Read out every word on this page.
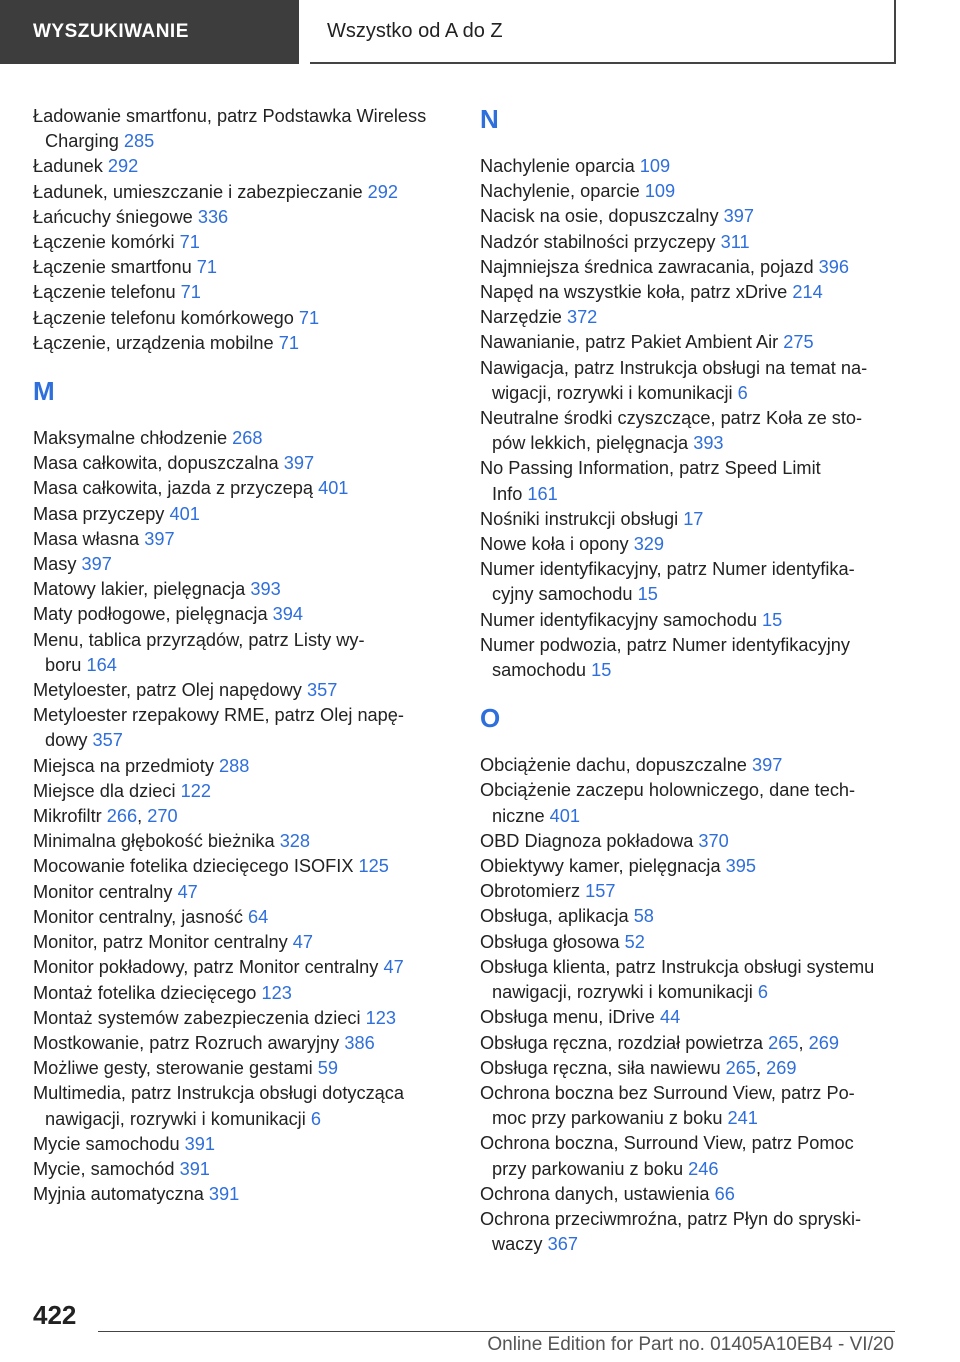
WYSZUKIWANIE	Wszystko od A do Z
Ładowanie smartfonu, patrz Podstawka Wireless Charging 285
Ładunek 292
Ładunek, umieszczanie i zabezpieczanie 292
Łańcuchy śniegowe 336
Łączenie komórki 71
Łączenie smartfonu 71
Łączenie telefonu 71
Łączenie telefonu komórkowego 71
Łączenie, urządzenia mobilne 71
M
Maksymalne chłodzenie 268
Masa całkowita, dopuszczalna 397
Masa całkowita, jazda z przyczepą 401
Masa przyczepy 401
Masa własna 397
Masy 397
Matowy lakier, pielęgnacja 393
Maty podłogowe, pielęgnacja 394
Menu, tablica przyrządów, patrz Listy wy-
boru 164
Metyloester, patrz Olej napędowy 357
Metyloester rzepakowy RME, patrz Olej napę-
dowy 357
Miejsca na przedmioty 288
Miejsce dla dzieci 122
Mikrofiltr 266, 270
Minimalna głębokość bieżnika 328
Mocowanie fotelika dziecięcego ISOFIX 125
Monitor centralny 47
Monitor centralny, jasność 64
Monitor, patrz Monitor centralny 47
Monitor pokładowy, patrz Monitor centralny 47
Montaż fotelika dziecięcego 123
Montaż systemów zabezpieczenia dzieci 123
Mostkowanie, patrz Rozruch awaryjny 386
Możliwe gesty, sterowanie gestami 59
Multimedia, patrz Instrukcja obsługi dotycząca
nawigacji, rozrywki i komunikacji 6
Mycie samochodu 391
Mycie, samochód 391
Myjnia automatyczna 391
N
Nachylenie oparcia 109
Nachylenie, oparcie 109
Nacisk na osie, dopuszczalny 397
Nadzór stabilności przyczepy 311
Najmniejsza średnica zawracania, pojazd 396
Napęd na wszystkie koła, patrz xDrive 214
Narzędzie 372
Nawanianie, patrz Pakiet Ambient Air 275
Nawigacja, patrz Instrukcja obsługi na temat na-
wigacji, rozrywki i komunikacji 6
Neutralne środki czyszczące, patrz Koła ze sto-
pów lekkich, pielęgnacja 393
No Passing Information, patrz Speed Limit
Info 161
Nośniki instrukcji obsługi 17
Nowe koła i opony 329
Numer identyfikacyjny, patrz Numer identyfika-
cyjny samochodu 15
Numer identyfikacyjny samochodu 15
Numer podwozia, patrz Numer identyfikacyjny
samochodu 15
O
Obciążenie dachu, dopuszczalne 397
Obciążenie zaczepu holowniczego, dane tech-
niczne 401
OBD Diagnoza pokładowa 370
Obiektywy kamer, pielęgnacja 395
Obrotomierz 157
Obsługa, aplikacja 58
Obsługa głosowa 52
Obsługa klienta, patrz Instrukcja obsługi systemu
nawigacji, rozrywki i komunikacji 6
Obsługa menu, iDrive 44
Obsługa ręczna, rozdział powietrza 265, 269
Obsługa ręczna, siła nawiewu 265, 269
Ochrona boczna bez Surround View, patrz Po-
moc przy parkowaniu z boku 241
Ochrona boczna, Surround View, patrz Pomoc
przy parkowaniu z boku 246
Ochrona danych, ustawienia 66
Ochrona przeciwmroźna, patrz Płyn do spryski-
waczy 367
422
Online Edition for Part no. 01405A10EB4 - VI/20
